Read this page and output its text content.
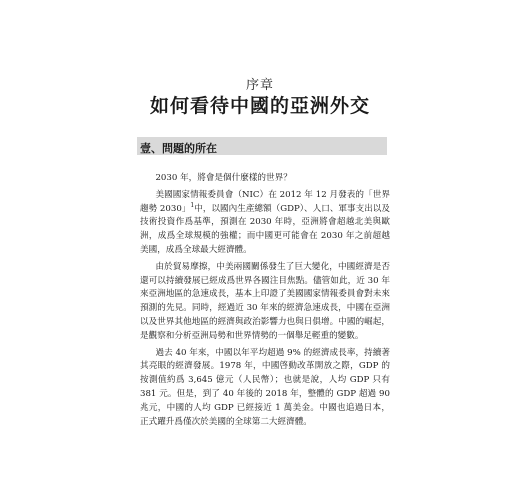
序章
如何看待中國的亞洲外交
壹、問題的所在

2030 年，將會是個什麼樣的世界？

美國國家情報委員會（NIC）在 2012 年 12 月發表的「世界趨勢 2030」$^1$中，以國內生產總額（GDP）、人口、軍事支出以及技術投資作爲基準，預測在 2030 年時，亞洲將會超越北美與歐洲，成爲全球規模的強權；而中國更可能會在 2030 年之前超越美國，成爲全球最大經濟體。

由於貿易摩擦，中美兩國關係發生了巨大變化，中國經濟是否還可以持續發展已經成爲世界各國注目焦點。儘管如此，近 30 年來亞洲地區的急速成長，基本上印證了美國國家情報委員會對未來預測的先見。同時，經過近 30 年來的經濟急速成長，中國在亞洲以及世界其他地區的經濟與政治影響力也與日俱增。中國的崛起，是觀察和分析亞洲局勢和世界情勢的一個舉足輕重的變數。

過去 40 年來，中國以年平均超過 9% 的經濟成長率，持續著其亮眼的經濟發展。1978 年，中國啓動改革開放之際，GDP 的按測值約爲 3,645 億元（人民幣）；也就是說，人均 GDP 只有 381 元。但是，到了 40 年後的 2018 年，整體的 GDP 超過 90 兆元，中國的人均 GDP 已經接近 1 萬美金。中國也追過日本，正式躍升爲僅次於美國的全球第二大經濟體。
